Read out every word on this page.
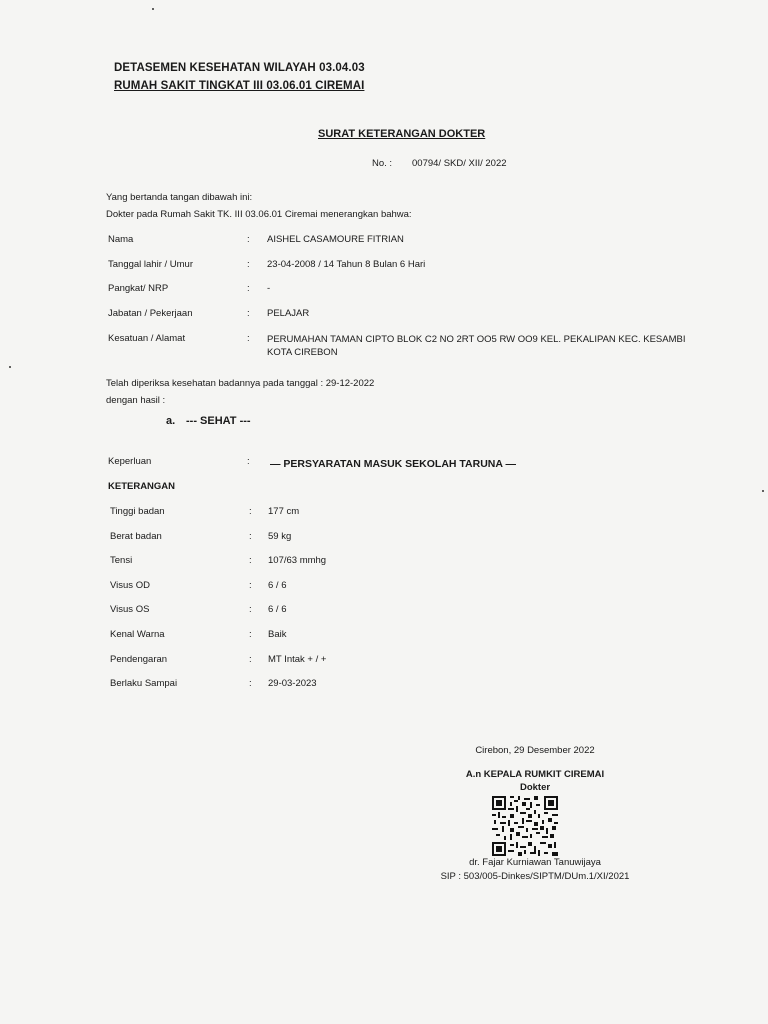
DETASEMEN KESEHATAN WILAYAH 03.04.03
RUMAH SAKIT TINGKAT III 03.06.01 CIREMAI
SURAT KETERANGAN DOKTER
No. : 00794/ SKD/ XII/ 2022
Yang bertanda tangan dibawah ini:
Dokter pada Rumah Sakit TK. III 03.06.01 Ciremai menerangkan bahwa:
Nama	: AISHEL CASAMOURE FITRIAN
Tanggal lahir / Umur	: 23-04-2008 / 14 Tahun 8 Bulan 6 Hari
Pangkat/ NRP	: -
Jabatan / Pekerjaan	: PELAJAR
Kesatuan / Alamat	: PERUMAHAN TAMAN CIPTO BLOK C2 NO 2RT OO5 RW OO9 KEL. PEKALIPAN KEC. KESAMBI KOTA CIREBON
Telah diperiksa kesehatan badannya pada tanggal : 29-12-2022
dengan hasil :
a. --- SEHAT ---
Keperluan	: — PERSYARATAN MASUK SEKOLAH TARUNA —
KETERANGAN
Tinggi badan	: 177 cm
Berat badan	: 59 kg
Tensi	: 107/63 mmhg
Visus OD	: 6 / 6
Visus OS	: 6 / 6
Kenal Warna	: Baik
Pendengaran	: MT Intak + / +
Berlaku Sampai	: 29-03-2023
Cirebon, 29 Desember 2022
A.n KEPALA RUMKIT CIREMAI
Dokter
dr. Fajar Kurniawan Tanuwijaya
SIP : 503/005-Dinkes/SIPTM/DUm.1/XI/2021
